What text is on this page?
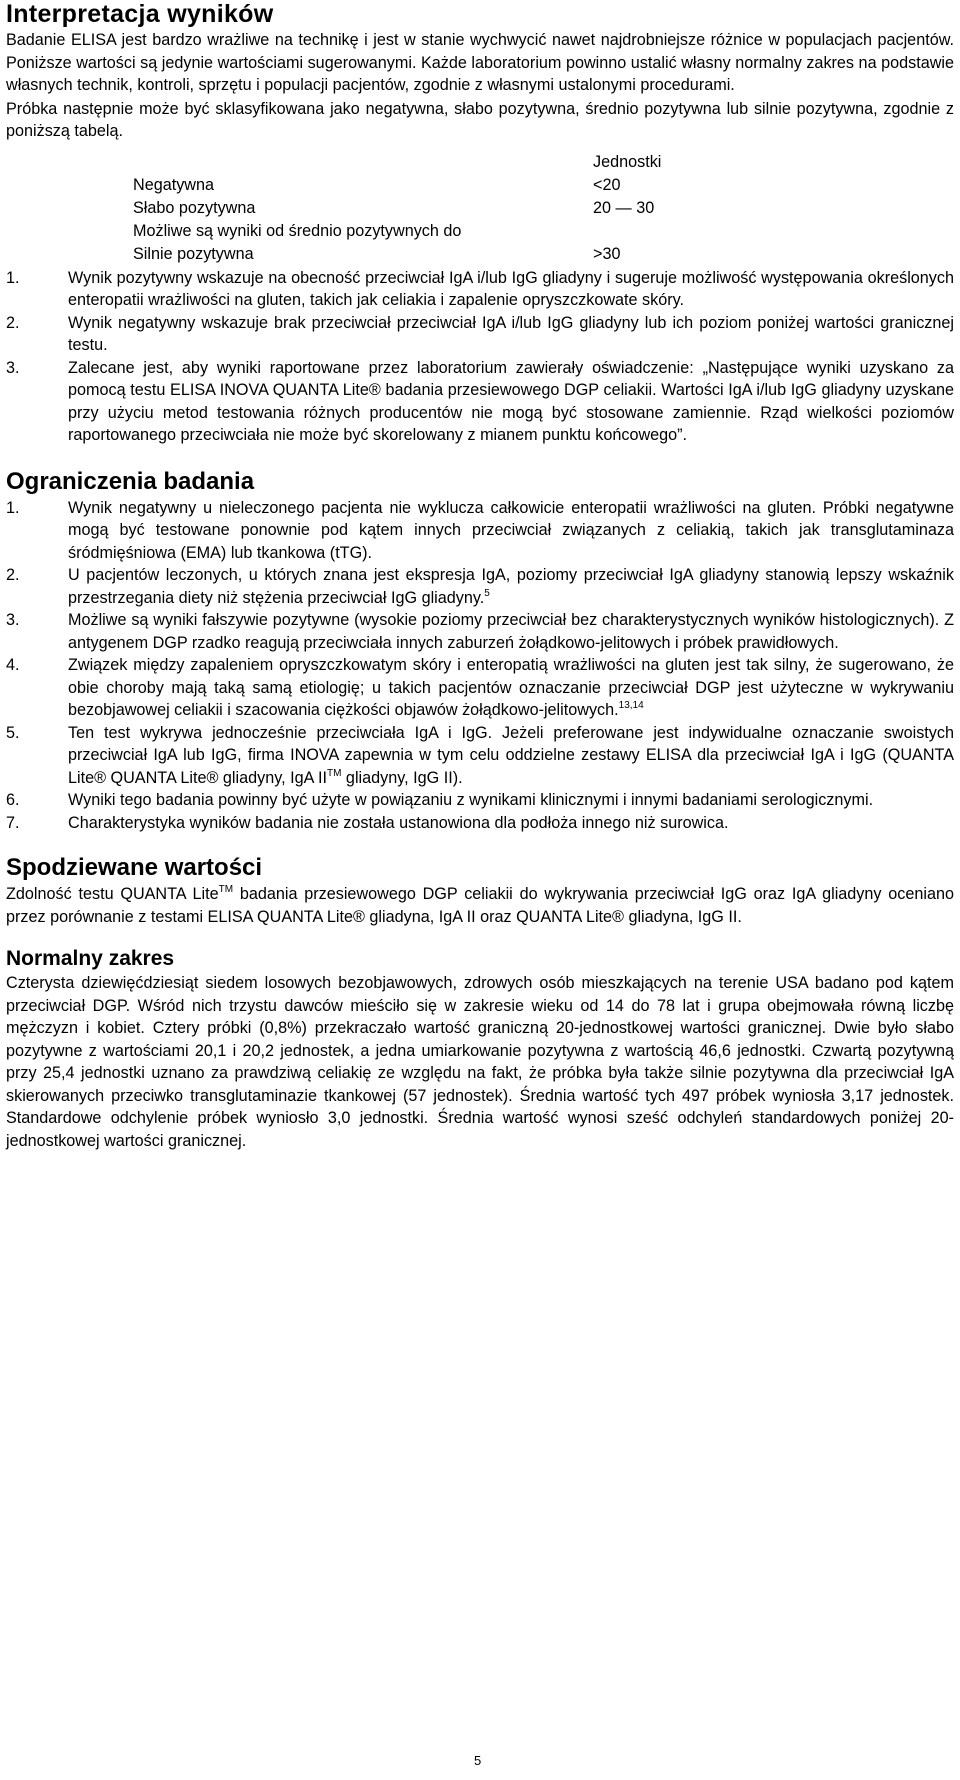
Interpretacja wyników

Badanie ELISA jest bardzo wrażliwe na technikę i jest w stanie wychwycić nawet najdrobniejsze różnice w populacjach pacjentów. Poniższe wartości są jedynie wartościami sugerowanymi. Każde laboratorium powinno ustalić własny normalny zakres na podstawie własnych technik, kontroli, sprzętu i populacji pacjentów, zgodnie z własnymi ustalonymi procedurami.

Próbka następnie może być sklasyfikowana jako negatywna, słabo pozytywna, średnio pozytywna lub silnie pozytywna, zgodnie z poniższą tabelą.

Jednostki
Negatywna	<20
Słabo pozytywna	20 — 30
Możliwe są wyniki od średnio pozytywnych do
Silnie pozytywna	>30
1.	Wynik pozytywny wskazuje na obecność przeciwciał IgA i/lub IgG gliadyny i sugeruje możliwość występowania określonych enteropatii wrażliwości na gluten, takich jak celiakia i zapalenie opryszczkowate skóry.
2.	Wynik negatywny wskazuje brak przeciwciał przeciwciał IgA i/lub IgG gliadyny lub ich poziom poniżej wartości granicznej testu.
3.	Zalecane jest, aby wyniki raportowane przez laboratorium zawierały oświadczenie: „Następujące wyniki uzyskano za pomocą testu ELISA INOVA QUANTA Lite® badania przesiewowego DGP celiakii. Wartości IgA i/lub IgG gliadyny uzyskane przy użyciu metod testowania różnych producentów nie mogą być stosowane zamiennie. Rząd wielkości poziomów raportowanego przeciwciała nie może być skorelowany z mianem punktu końcowego”.
Ograniczenia badania
1.	Wynik negatywny u nieleczonego pacjenta nie wyklucza całkowicie enteropatii wrażliwości na gluten. Próbki negatywne mogą być testowane ponownie pod kątem innych przeciwciał związanych z celiakią, takich jak transglutaminaza śródmięśniowa (EMA) lub tkankowa (tTG).
2.	U pacjentów leczonych, u których znana jest ekspresja IgA, poziomy przeciwciał IgA gliadyny stanowią lepszy wskaźnik przestrzegania diety niż stężenia przeciwciał IgG gliadyny.$^5$
3.	Możliwe są wyniki fałszywie pozytywne (wysokie poziomy przeciwciał bez charakterystycznych wyników histologicznych). Z antygenem DGP rzadko reagują przeciwciała innych zaburzeń żołądkowo-jelitowych i próbek prawidłowych.
4.	Związek między zapaleniem opryszczkowatym skóry i enteropatią wrażliwości na gluten jest tak silny, że sugerowano, że obie choroby mają taką samą etiologię; u takich pacjentów oznaczanie przeciwciał DGP jest użyteczne w wykrywaniu bezobjawowej celiakii i szacowania ciężkości objawów żołądkowo-jelitowych.$^{13,14}$
5.	Ten test wykrywa jednocześnie przeciwciała IgA i IgG. Jeżeli preferowane jest indywidualne oznaczanie swoistych przeciwciał IgA lub IgG, firma INOVA zapewnia w tym celu oddzielne zestawy ELISA dla przeciwciał IgA i IgG (QUANTA Lite® QUANTA Lite® gliadyny, IgA II™ gliadyny, IgG II).
6.	Wyniki tego badania powinny być użyte w powiązaniu z wynikami klinicznymi i innymi badaniami serologicznymi.
7.	Charakterystyka wyników badania nie została ustanowiona dla podłoża innego niż surowica.
Spodziewane wartości

Zdolność testu QUANTA Lite™ badania przesiewowego DGP celiakii do wykrywania przeciwciał IgG oraz IgA gliadyny oceniano przez porównanie z testami ELISA QUANTA Lite® gliadyna, IgA II oraz QUANTA Lite® gliadyna, IgG II.

Normalny zakres

Czterysta dziewięćdziesiąt siedem losowych bezobjawowych, zdrowych osób mieszkających na terenie USA badano pod kątem przeciwciał DGP. Wśród nich trzystu dawców mieściło się w zakresie wieku od 14 do 78 lat i grupa obejmowała równą liczbę mężczyzn i kobiet. Cztery próbki (0,8%) przekraczało wartość graniczną 20-jednostkowej wartości granicznej. Dwie było słabo pozytywne z wartościami 20,1 i 20,2 jednostek, a jedna umiarkowanie pozytywna z wartością 46,6 jednostki. Czwartą pozytywną przy 25,4 jednostki uznano za prawdziwą celiakię ze względu na fakt, że próbka była także silnie pozytywna dla przeciwciał IgA skierowanych przeciwko transglutaminazie tkankowej (57 jednostek). Średnia wartość tych 497 próbek wyniosła 3,17 jednostek. Standardowe odchylenie próbek wyniosło 3,0 jednostki. Średnia wartość wynosi sześć odchyleń standardowych poniżej 20-jednostkowej wartości granicznej.

5
